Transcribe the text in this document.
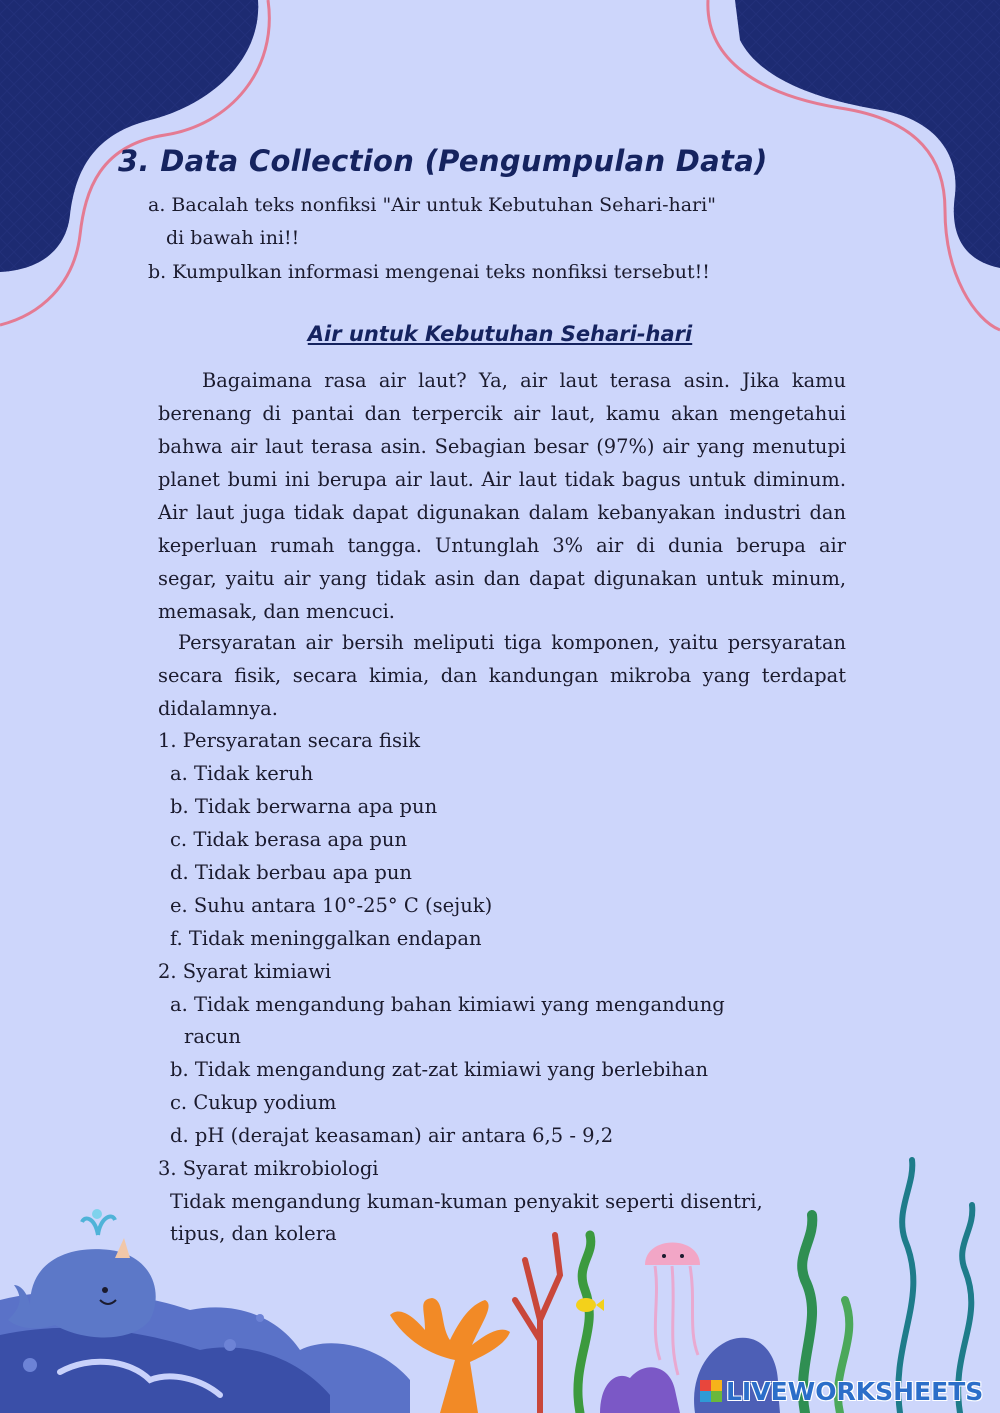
3. Data Collection (Pengumpulan Data)
a. Bacalah teks nonfiksi "Air untuk Kebutuhan Sehari-hari"
di bawah ini!!
b. Kumpulkan informasi mengenai teks nonfiksi tersebut!!
Air untuk Kebutuhan Sehari-hari

Bagaimana rasa air laut? Ya, air laut terasa asin. Jika kamu berenang di pantai dan terpercik air laut, kamu akan mengetahui bahwa air laut terasa asin. Sebagian besar (97%) air yang menutupi planet bumi ini berupa air laut. Air laut tidak bagus untuk diminum. Air laut juga tidak dapat digunakan dalam kebanyakan industri dan keperluan rumah tangga. Untunglah 3% air di dunia berupa air segar, yaitu air yang tidak asin dan dapat digunakan untuk minum, memasak, dan mencuci.

Persyaratan air bersih meliputi tiga komponen, yaitu persyaratan secara fisik, secara kimia, dan kandungan mikroba yang terdapat didalamnya.

1. Persyaratan secara fisik
a. Tidak keruh
b. Tidak berwarna apa pun
c. Tidak berasa apa pun
d. Tidak berbau apa pun
e. Suhu antara 10°-25° C (sejuk)
f. Tidak meninggalkan endapan
2. Syarat kimiawi
a. Tidak mengandung bahan kimiawi yang mengandung
racun
b. Tidak mengandung zat-zat kimiawi yang berlebihan
c. Cukup yodium
d. pH (derajat keasaman) air antara 6,5 - 9,2
3. Syarat mikrobiologi
Tidak mengandung kuman-kuman penyakit seperti disentri,
tipus, dan kolera
LIVEWORKSHEETS
